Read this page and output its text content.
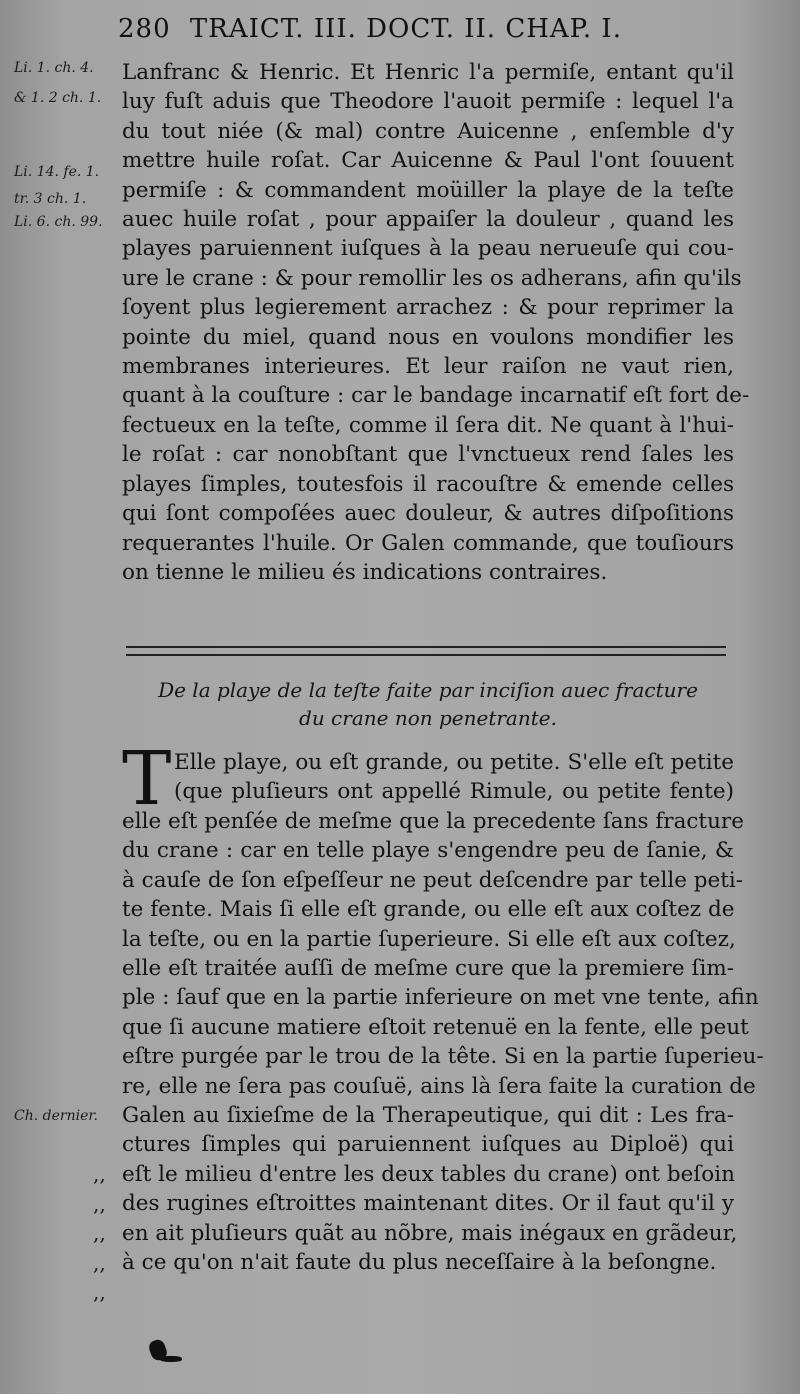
280 TRAICT. III. DOCT. II. CHAP. I.
Li. 1. ch. 4.
& 1. 2 ch. 1.
Li. 14. fe. 1.
tr. 3 ch. 1.
Li. 6. ch. 99.
Ch. dernier.
Lanfranc & Henric. Et Henric l'a permiſe, entant qu'il
luy fuſt aduis que Theodore l'auoit permiſe : lequel l'a
du tout niée (& mal) contre Auicenne , enſemble d'y
mettre huile roſat. Car Auicenne & Paul l'ont ſouuent
permiſe : & commandent moüiller la playe de la teſte
auec huile roſat , pour appaiſer la douleur , quand les
playes paruiennent iuſques à la peau nerueuſe qui cou-
ure le crane : & pour remollir les os adherans, afin qu'ils
ſoyent plus legierement arrachez : & pour reprimer la
pointe du miel, quand nous en voulons mondifier les
membranes interieures. Et leur raiſon ne vaut rien,
quant à la couſture : car le bandage incarnatif eſt fort de-
fectueux en la teſte, comme il ſera dit. Ne quant à l'hui-
le roſat : car nonobſtant que l'vnctueux rend ſales les
playes ſimples, toutesfois il racouſtre & emende celles
qui ſont compoſées auec douleur, & autres diſpoſitions
requerantes l'huile. Or Galen commande, que touſiours
on tienne le milieu és indications contraires.
De la playe de la teſte faite par inciſion auec fracture
du crane non penetrante.
T Elle playe, ou eſt grande, ou petite. S'elle eſt petite
(que pluſieurs ont appellé Rimule, ou petite fente)
elle eſt penſée de meſme que la precedente ſans fracture
du crane : car en telle playe s'engendre peu de ſanie, &
à cauſe de ſon eſpeſſeur ne peut deſcendre par telle peti-
te fente. Mais ſi elle eſt grande, ou elle eſt aux coſtez de
la teſte, ou en la partie ſuperieure. Si elle eſt aux coſtez,
elle eſt traitée auſſi de meſme cure que la premiere ſim-
ple : ſauf que en la partie inferieure on met vne tente, afin
que ſi aucune matiere eſtoit retenuë en la fente, elle peut
eſtre purgée par le trou de la tête. Si en la partie ſuperieu-
re, elle ne ſera pas couſuë, ains là ſera faite la curation de
Galen au ſixieſme de la Therapeutique, qui dit : Les fra-
ctures ſimples qui paruiennent iuſques au Diploë) qui
eſt le milieu d'entre les deux tables du crane) ont beſoin
des rugines eſtroittes maintenant dites. Or il faut qu'il y
en ait pluſieurs quãt au nõbre, mais inégaux en grãdeur,
à ce qu'on n'ait faute du plus neceſſaire à la beſongne.
,,
,,
,,
,,
,,
